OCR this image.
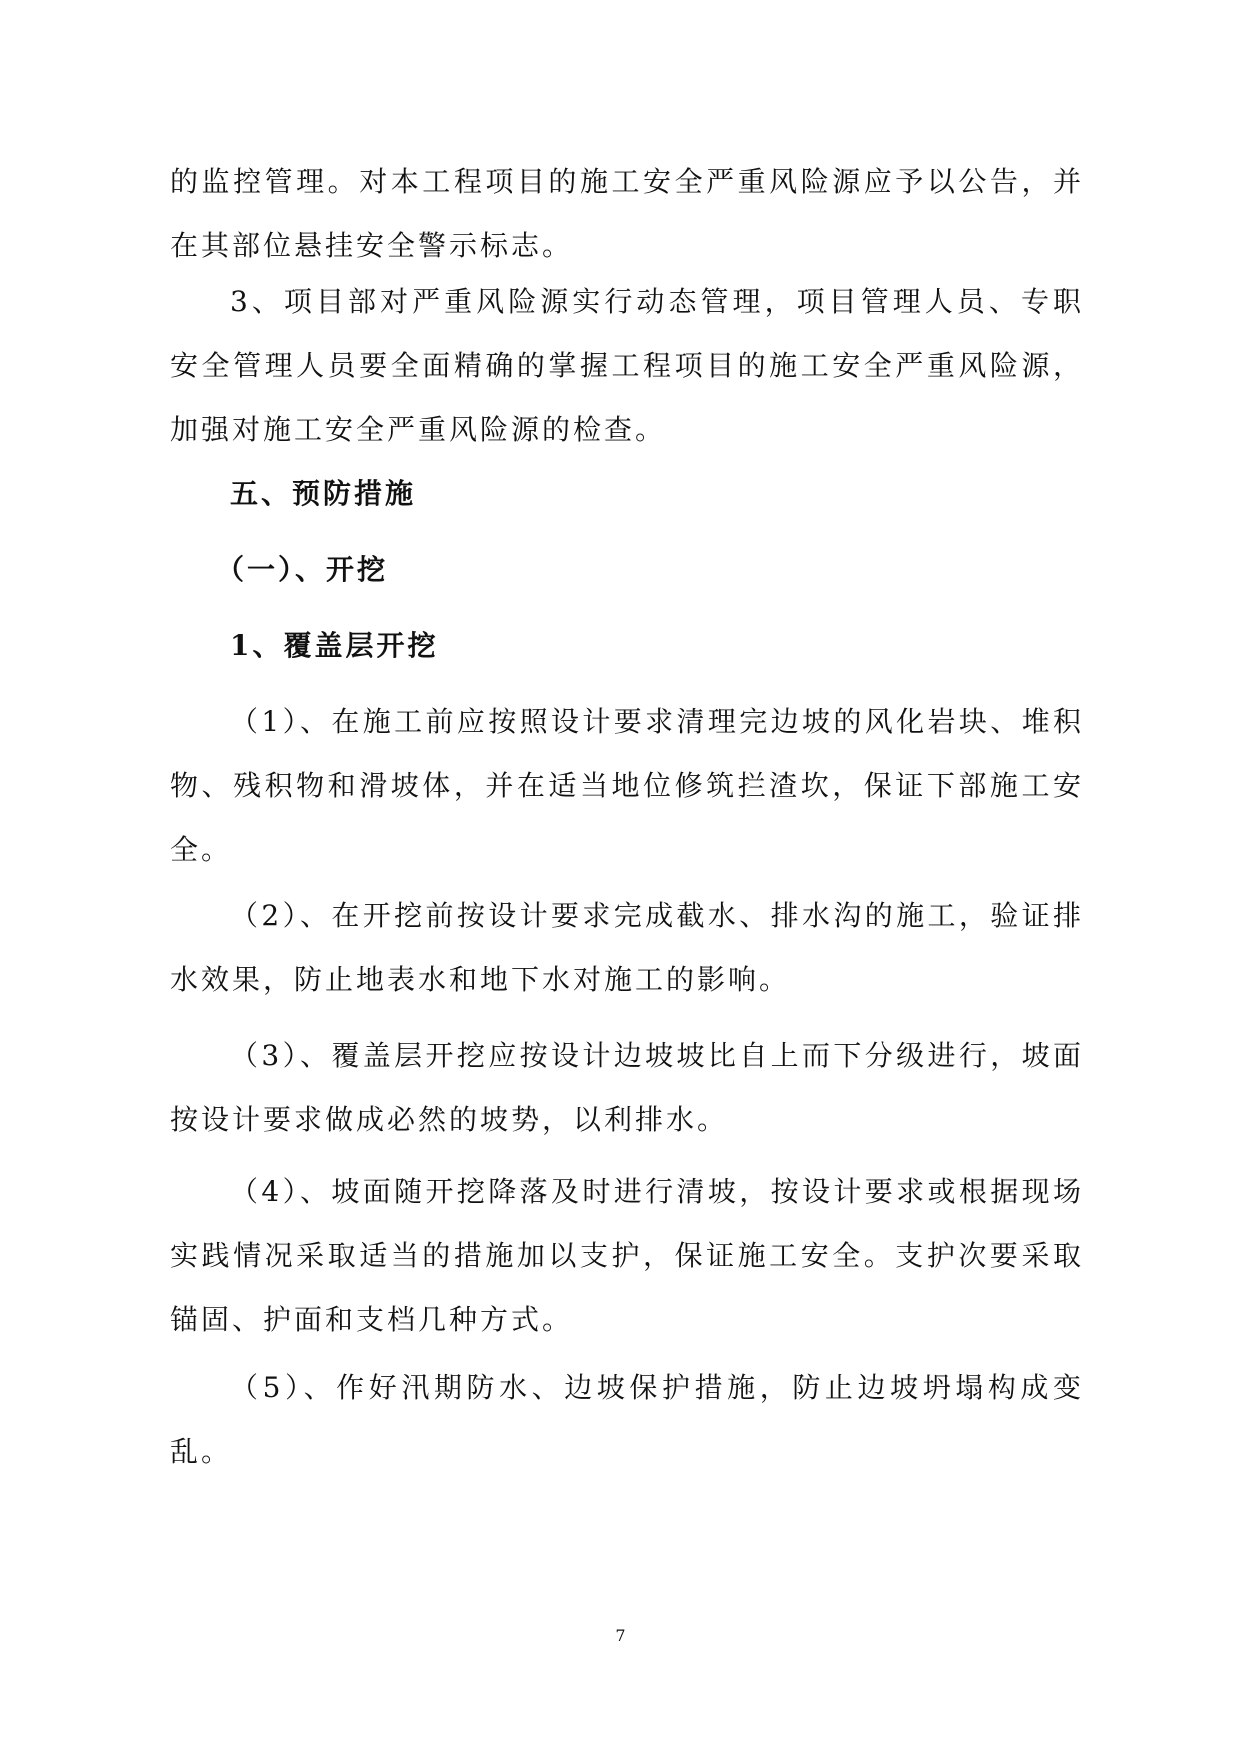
的监控管理。对本工程项目的施工安全严重风险源应予以公告，并在其部位悬挂安全警示标志。

3、项目部对严重风险源实行动态管理，项目管理人员、专职安全管理人员要全面精确的掌握工程项目的施工安全严重风险源，加强对施工安全严重风险源的检查。

五、预防措施
（一）、开挖
1、覆盖层开挖

（1）、在施工前应按照设计要求清理完边坡的风化岩块、堆积物、残积物和滑坡体，并在适当地位修筑拦渣坎，保证下部施工安全。

（2）、在开挖前按设计要求完成截水、排水沟的施工，验证排水效果，防止地表水和地下水对施工的影响。

（3）、覆盖层开挖应按设计边坡坡比自上而下分级进行，坡面按设计要求做成必然的坡势，以利排水。

（4）、坡面随开挖降落及时进行清坡，按设计要求或根据现场实践情况采取适当的措施加以支护，保证施工安全。支护次要采取锚固、护面和支档几种方式。

（5）、作好汛期防水、边坡保护措施，防止边坡坍塌构成变乱。

7
